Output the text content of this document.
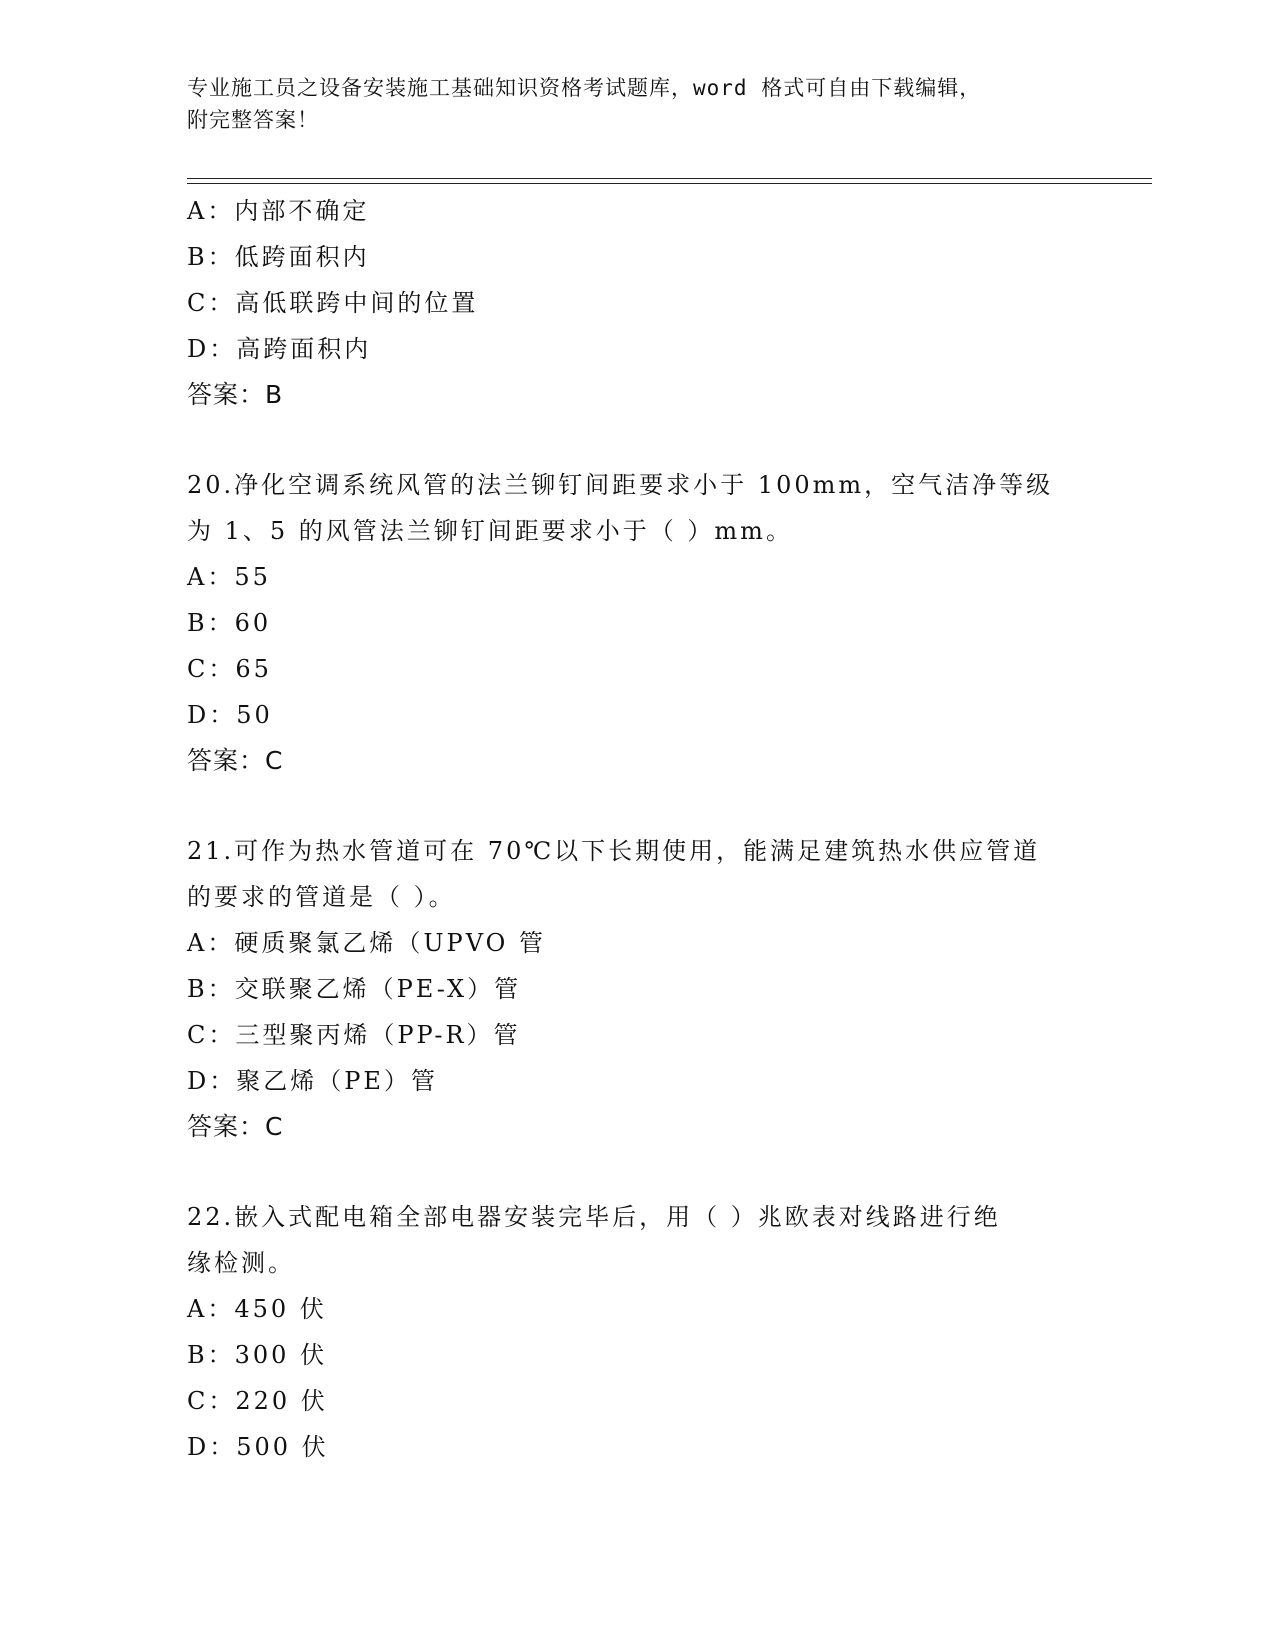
专业施工员之设备安装施工基础知识资格考试题库，word 格式可自由下载编辑，
附完整答案！
A：内部不确定
B：低跨面积内
C：高低联跨中间的位置
D：高跨面积内
答案：B
20.净化空调系统风管的法兰铆钉间距要求小于 100mm，空气洁净等级
为 1、5 的风管法兰铆钉间距要求小于（ ）mm。
A：55
B：60
C：65
D：50
答案：C
21.可作为热水管道可在 70℃以下长期使用，能满足建筑热水供应管道
的要求的管道是（ ）。
A：硬质聚氯乙烯（UPVO 管
B：交联聚乙烯（PE-X）管
C：三型聚丙烯（PP-R）管
D：聚乙烯（PE）管
答案：C
22.嵌入式配电箱全部电器安装完毕后，用（ ）兆欧表对线路进行绝
缘检测。
A：450 伏
B：300 伏
C：220 伏
D：500 伏
